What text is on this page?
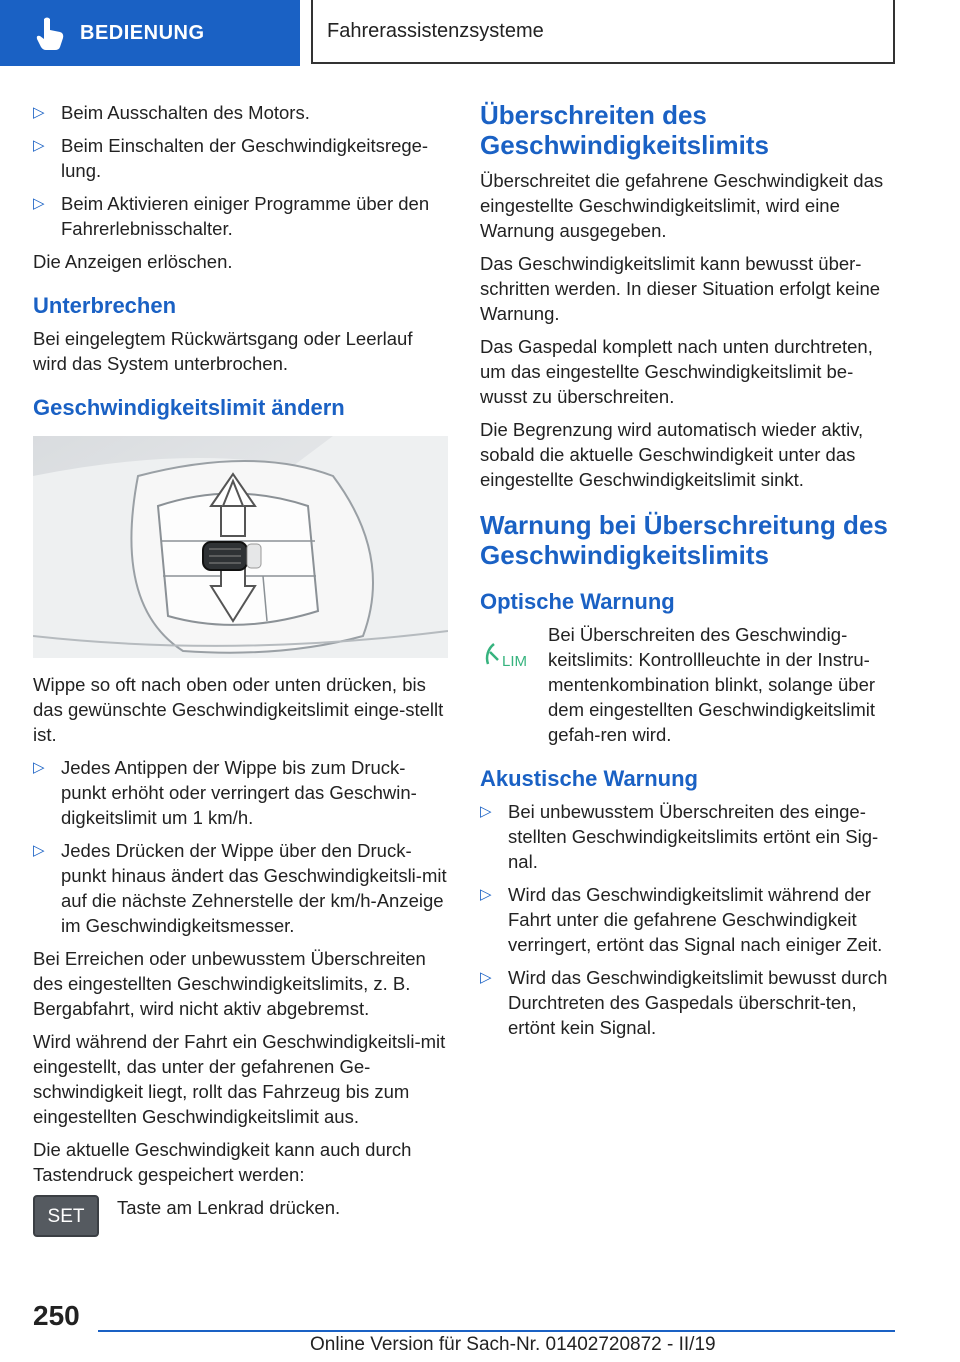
BEDIENUNG	Fahrerassistenzsysteme
▷ Beim Ausschalten des Motors.
▷ Beim Einschalten der Geschwindigkeitsrege-lung.
▷ Beim Aktivieren einiger Programme über den Fahrerlebnisschalter.

Die Anzeigen erlöschen.

Unterbrechen

Bei eingelegtem Rückwärtsgang oder Leerlauf wird das System unterbrochen.

Geschwindigkeitslimit ändern

Wippe so oft nach oben oder unten drücken, bis das gewünschte Geschwindigkeitslimit einge-stellt ist.

▷ Jedes Antippen der Wippe bis zum Druck-punkt erhöht oder verringert das Geschwin-digkeitslimit um 1 km/h.
▷ Jedes Drücken der Wippe über den Druck-punkt hinaus ändert das Geschwindigkeitsli-mit auf die nächste Zehnerstelle der km/h-Anzeige im Geschwindigkeitsmesser.

Bei Erreichen oder unbewusstem Überschreiten des eingestellten Geschwindigkeitslimits, z. B. Bergabfahrt, wird nicht aktiv abgebremst.

Wird während der Fahrt ein Geschwindigkeitsli-mit eingestellt, das unter der gefahrenen Ge-schwindigkeit liegt, rollt das Fahrzeug bis zum eingestellten Geschwindigkeitslimit aus.

Die aktuelle Geschwindigkeit kann auch durch Tastendruck gespeichert werden:

SET	Taste am Lenkrad drücken.
Überschreiten des Geschwindigkeitslimits

Überschreitet die gefahrene Geschwindigkeit das eingestellte Geschwindigkeitslimit, wird eine Warnung ausgegeben.

Das Geschwindigkeitslimit kann bewusst über-schritten werden. In dieser Situation erfolgt keine Warnung.

Das Gaspedal komplett nach unten durchtreten, um das eingestellte Geschwindigkeitslimit be-wusst zu überschreiten.

Die Begrenzung wird automatisch wieder aktiv, sobald die aktuelle Geschwindigkeit unter das eingestellte Geschwindigkeitslimit sinkt.

Warnung bei Überschreitung des Geschwindigkeitslimits
Optische Warnung
LIM

Bei Überschreiten des Geschwindig-keitslimits: Kontrollleuchte in der Instru-mentenkombination blinkt, solange über dem eingestellten Geschwindigkeitslimit gefah-ren wird.

Akustische Warnung
▷ Bei unbewusstem Überschreiten des einge-stellten Geschwindigkeitslimits ertönt ein Sig-nal.
▷ Wird das Geschwindigkeitslimit während der Fahrt unter die gefahrene Geschwindigkeit verringert, ertönt das Signal nach einiger Zeit.
▷ Wird das Geschwindigkeitslimit bewusst durch Durchtreten des Gaspedals überschrit-ten, ertönt kein Signal.
250
Online Version für Sach-Nr. 01402720872 - II/19
